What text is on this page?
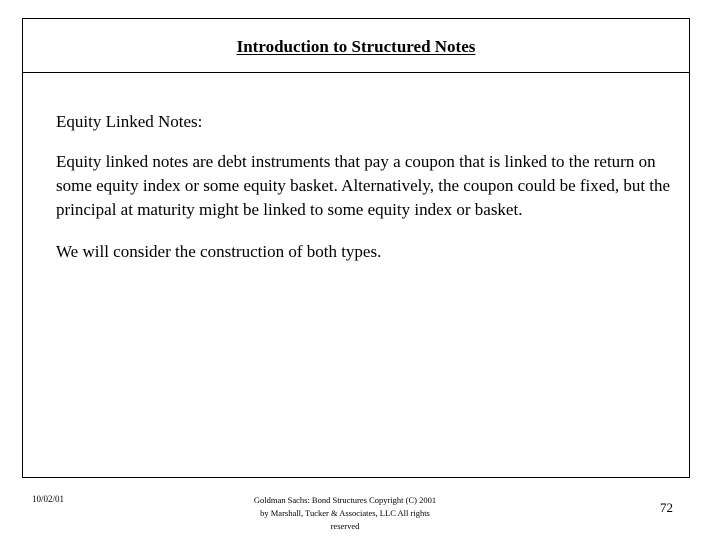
Introduction to Structured Notes

Equity Linked Notes:

Equity linked notes are debt instruments that pay a coupon that is linked to the return on some equity index or some equity basket. Alternatively, the coupon could be fixed, but the principal at maturity might be linked to some equity index or basket.

We will consider the construction of both types.

10/02/01	Goldman Sachs: Bond Structures Copyright (C) 2001 by Marshall, Tucker & Associates, LLC All rights reserved
72
